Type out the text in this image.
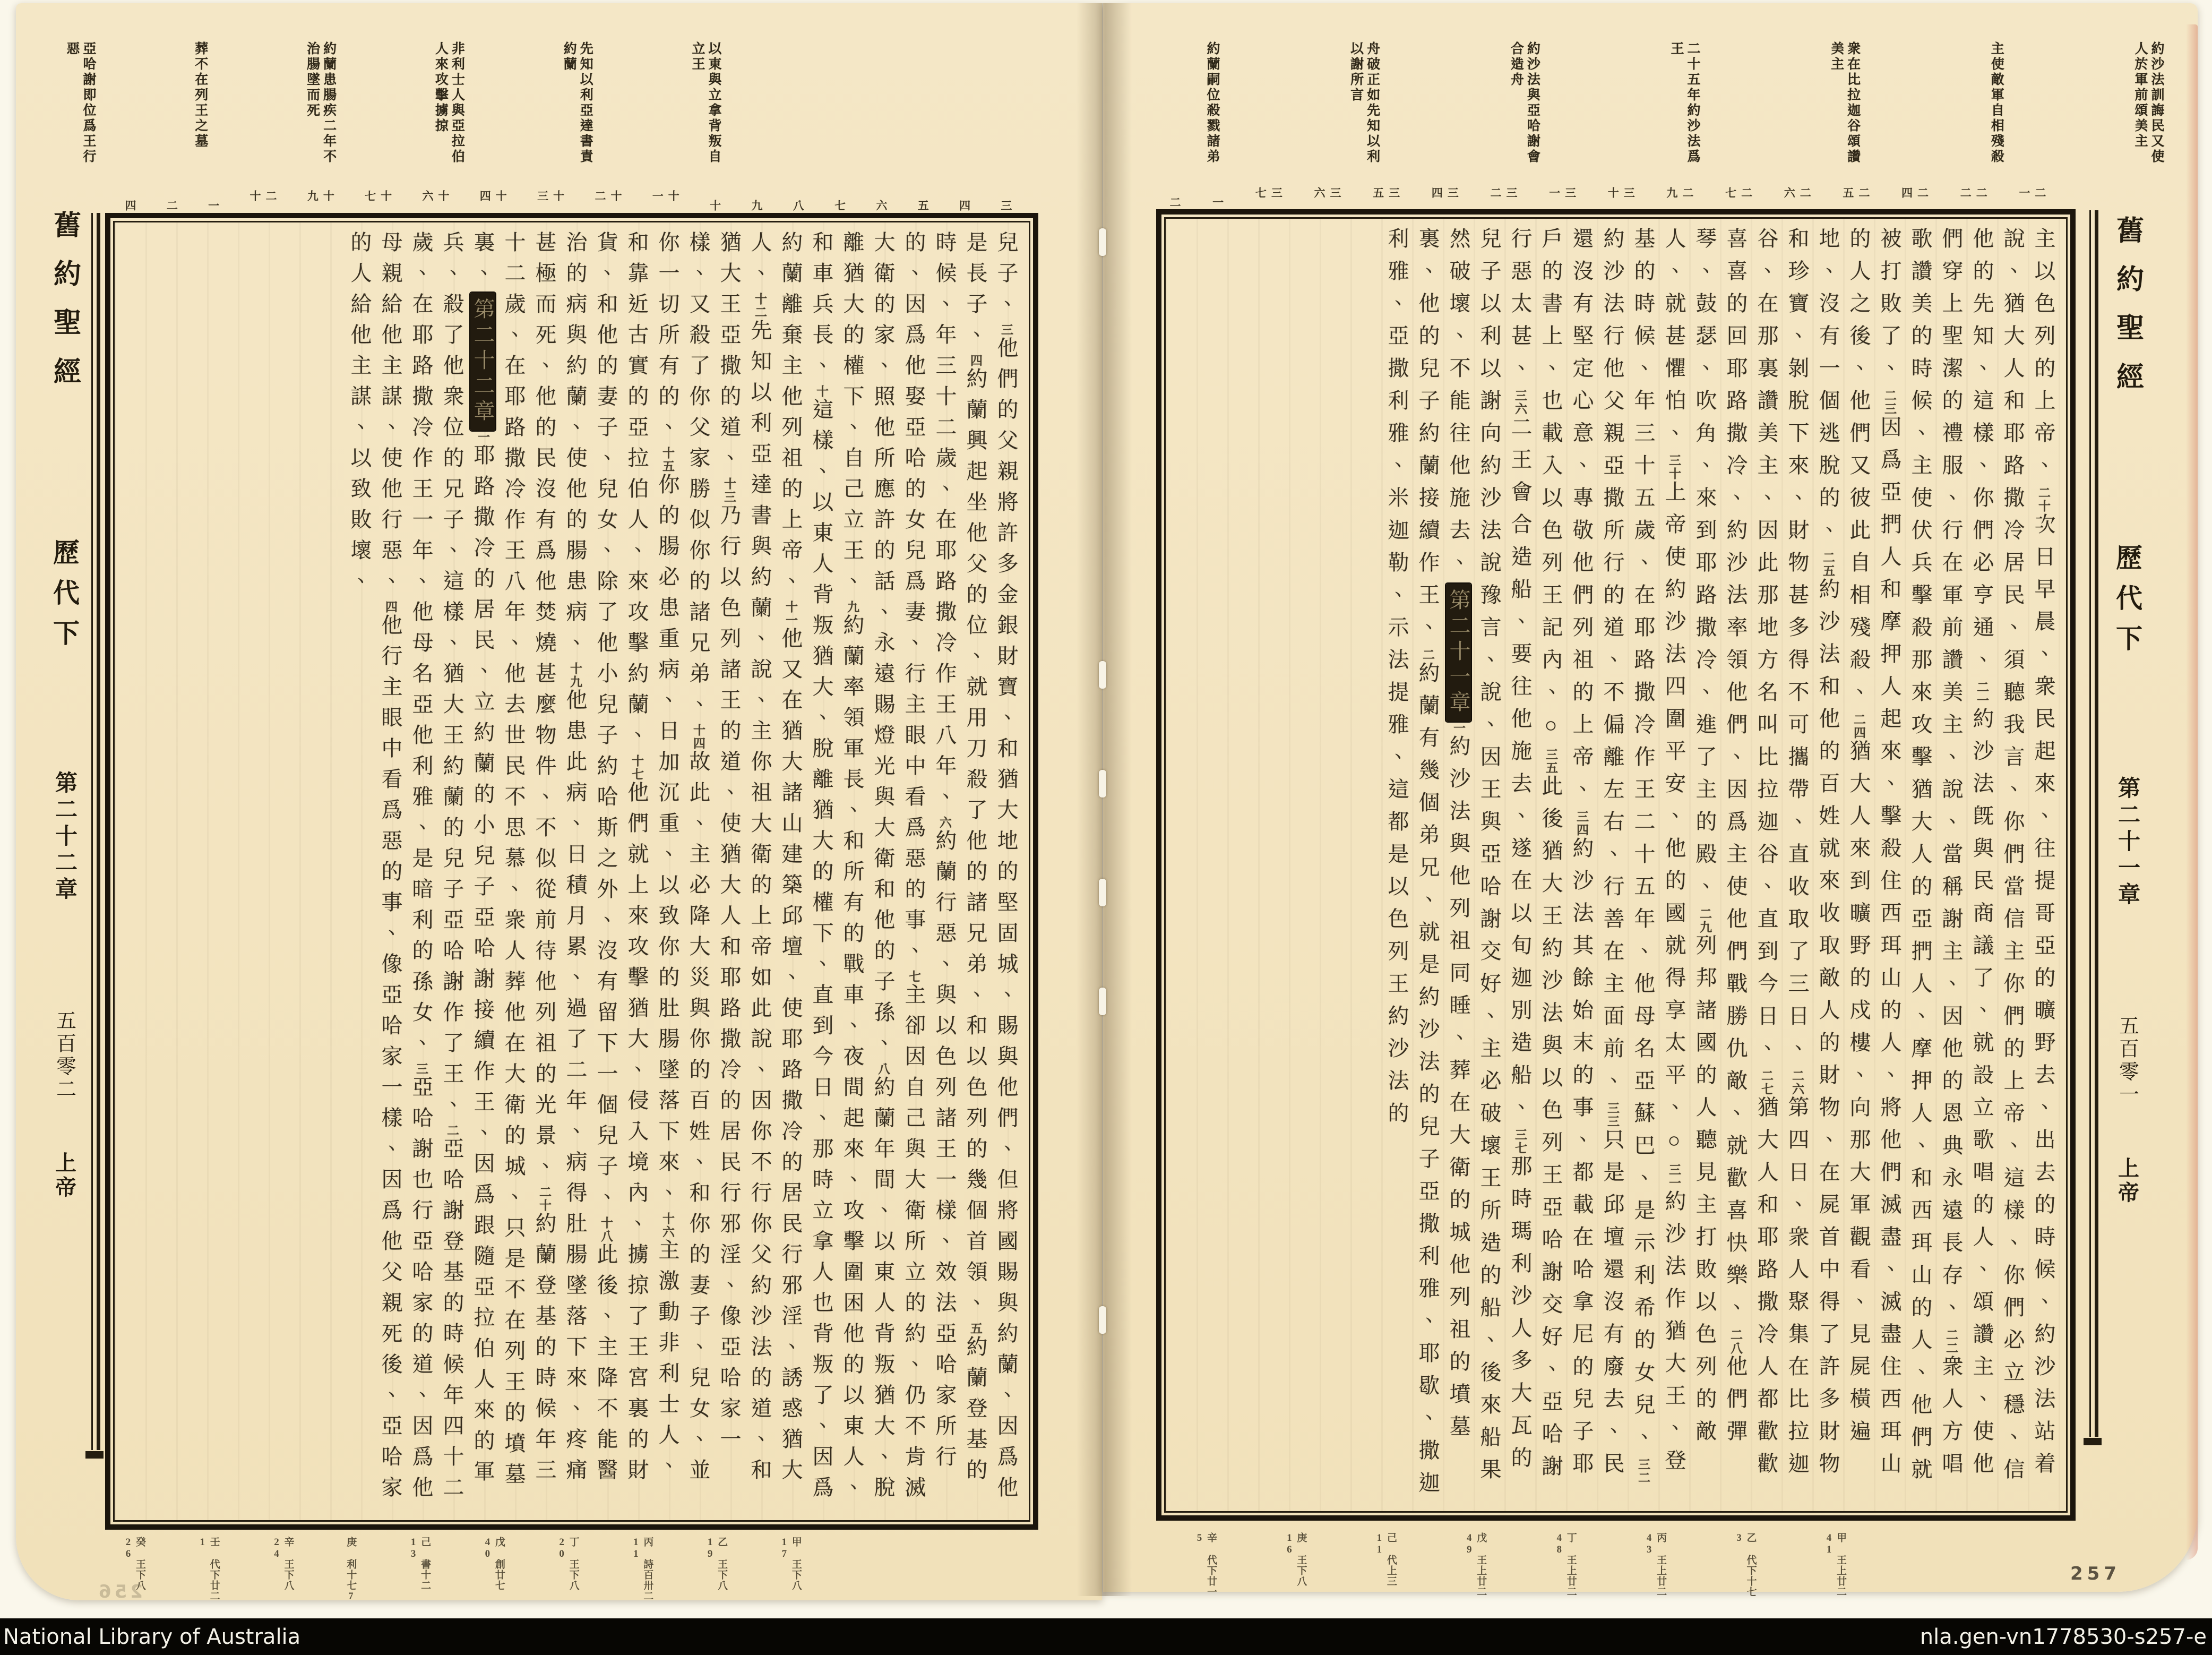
以東與立拿背叛自立王
先知以利亞達書責約蘭
非利士人與亞拉伯人來攻擊擄掠
約蘭患腸疾二年不治腸墜而死
葬不在列王之墓
亞哈謝即位爲王行惡
舊約聖經
歷代下
第二十二章
五百零二
上帝
三
四
五
六
七
八
九
十
十一
十二
十三
十四
十六
十七
十九
二十
一
二
四
兒子、三他們的父親將許多金銀財寶、和猶大地的堅固城、賜與他們、但將國賜與約蘭、因爲他是長子、四約蘭興起坐他父的位、就用刀殺了他的諸兄弟、和以色列的幾個首領、五約蘭登基的時候、年三十二歲、在耶路撒冷作王八年、六約蘭行惡、與以色列諸王一樣、效法亞哈家所行的、因爲他娶亞哈的女兒爲妻、行主眼中看爲惡的事、七主卻因自己與大衛所立的約、仍不肯滅大衛的家、照他所應許的話、永遠賜燈光與大衛和他的子孫、八約蘭年間、以東人背叛猶大、脫離猶大的權下、自己立王、九約蘭率領軍長、和所有的戰車、夜間起來、攻擊圍困他的以東人、和車兵長、十這樣、以東人背叛猶大、脫離猶大的權下、直到今日、那時立拿人也背叛了、因爲約蘭離棄主他列祖的上帝、十一他又在猶大諸山建築邱壇、使耶路撒冷的居民行邪淫、誘惑猶大人、十二先知以利亞達書與約蘭、說、主你祖大衛的上帝如此說、因你不行你父約沙法的道、和猶大王亞撒的道、十三乃行以色列諸王的道、使猶大人和耶路撒冷的居民行邪淫、像亞哈家一樣、又殺了你父家勝似你的諸兄弟、十四故此、主必降大災與你的百姓、和你的妻子、兒女、並你一切所有的、十五你的腸必患重病、日加沉重、以致你的肚腸墜落下來、十六主激動非利士人、和靠近古實的亞拉伯人、來攻擊約蘭、十七他們就上來攻擊猶大、侵入境內、擄掠了王宮裏的財貨、和他的妻子、兒女、除了他小兒子約哈斯之外、沒有留下一個兒子、十八此後、主降不能醫治的病與約蘭、使他的腸患病、十九他患此病、日積月累、過了二年、病得肚腸墜落下來、疼痛甚極而死、他的民沒有爲他焚燒甚麼物件、不似從前待他列祖的光景、二十約蘭登基的時候年三十二歲、在耶路撒冷作王八年、他去世民不思慕、衆人葬他在大衛的城、只是不在列王的墳墓裏、第二十二章一耶路撒冷的居民、立約蘭的小兒子亞哈謝接續作王、因爲跟隨亞拉伯人來的軍兵、殺了他衆位的兄子、這樣、猶大王約蘭的兒子亞哈謝作了王、二亞哈謝登基的時候年四十二歲、在耶路撒冷作王一年、他母名亞他利雅、是暗利的孫女、三亞哈謝也行亞哈家的道、因爲他母親給他主謀、使他行惡、四他行主眼中看爲惡的事、像亞哈家一樣、因爲他父親死後、亞哈家的人給他主謀、以致敗壞、
甲 王下八17
乙 王下八19
丙 詩百卅二11
丁 王下八20
戊 創廿七40
己 書十二13
庚 利十七7
辛 王下八24
壬 代下廿二1
癸 王下八26
256
約沙法訓誨民又使人於軍前頌美主
主使敵軍自相殘殺
衆在比拉迦谷頌讚美主
二十五年約沙法爲王
約沙法與亞哈謝會合造舟
舟破正如先知以利以謝所言
約蘭嗣位殺戮諸弟
二一
二二
二四
二五
二六
二七
二九
三十
三一
三二
三四
三五
三六
三七
一
二
主以色列的上帝、二十次日早晨、衆民起來、往提哥亞的曠野去、出去的時候、約沙法站着說、猶大人和耶路撒冷居民、須聽我言、你們當信主你們的上帝、這樣、你們必立穩、信他的先知、這樣、你們必亨通、二一約沙法旣與民商議了、就設立歌唱的人、頌讚主、使他們穿上聖潔的禮服、行在軍前讚美主、說、當稱謝主、因他的恩典永遠長存、二二衆人方唱歌讚美的時候、主使伏兵擊殺那來攻擊猶大人的亞捫人、摩押人、和西珥山的人、他們就被打敗了、二三因爲亞捫人和摩押人起來、擊殺住西珥山的人、將他們滅盡、滅盡住西珥山的人之後、他們又彼此自相殘殺、二四猶大人來到曠野的戍樓、向那大軍觀看、見屍橫遍地、沒有一個逃脫的、二五約沙法和他的百姓就來收取敵人的財物、在屍首中得了許多財物和珍寶、剝脫下來、財物甚多得不可攜帶、直收取了三日、二六第四日、衆人聚集在比拉迦谷、在那裏讚美主、因此那地方名叫比拉迦谷、直到今日、二七猶大人和耶路撒冷人都歡歡喜喜的回耶路撒冷、約沙法率領他們、因爲主使他們戰勝仇敵、就歡喜快樂、二八他們彈琴、鼓瑟、吹角、來到耶路撒冷、進了主的殿、二九列邦諸國的人聽見主打敗以色列的敵人、就甚懼怕、三十上帝使約沙法四圍平安、他的國就得享太平、○三一約沙法作猶大王、登基的時候、年三十五歲、在耶路撒冷作王二十五年、他母名亞蘇巴、是示利希的女兒、三二約沙法行他父親亞撒所行的道、不偏離左右、行善在主面前、三三只是邱壇還沒有廢去、民還沒有堅定心意、專敬他們列祖的上帝、三四約沙法其餘始末的事、都載在哈拿尼的兒子耶戶的書上、也載入以色列王記內、○三五此後猶大王約沙法與以色列王亞哈謝交好、亞哈謝行惡太甚、三六二王會合造船、要往他施去、遂在以旬迦別造船、三七那時瑪利沙人多大瓦的兒子以利以謝向約沙法說豫言、說、因王與亞哈謝交好、主必破壞王所造的船、後來船果然破壞、不能往他施去、第二十一章一約沙法與他列祖同睡、葬在大衛的城他列祖的墳墓裏、他的兒子約蘭接續作王、二約蘭有幾個弟兄、就是約沙法的兒子亞撒利雅、耶歇、撒迦利雅、亞撒利雅、米迦勒、示法提雅、這都是以色列王約沙法的	舊約聖經
歷代下
第二十一章
五百零一
上帝
甲 王上廿二41
乙 代下十七3
丙 王上廿二43
丁 王上廿二48
戊 王上廿二49
己 代上三11
庚 王下八16
辛 代下廿一5
257
National Library of Australia	nla.gen-vn1778530-s257-e
